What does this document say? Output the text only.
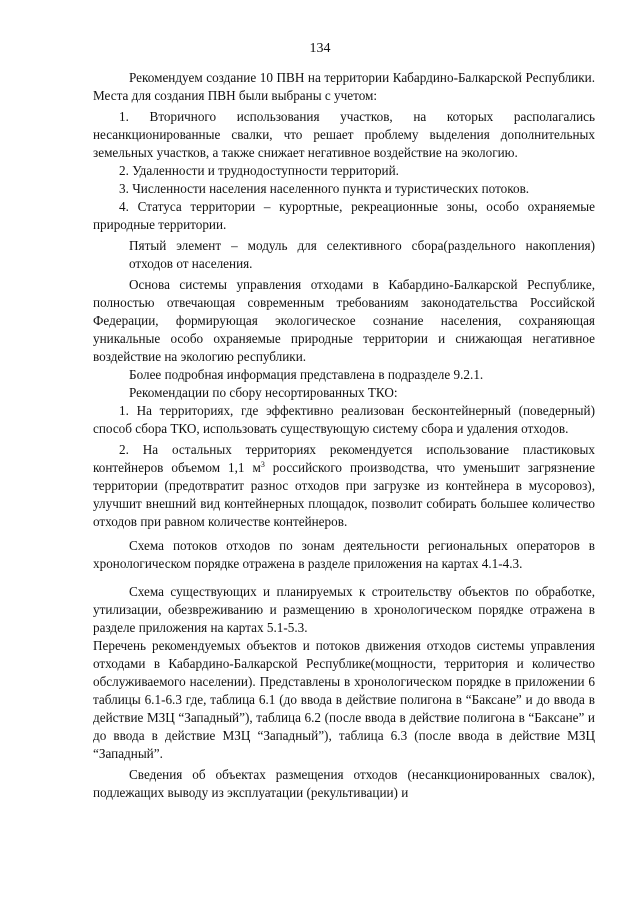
134

Рекомендуем создание 10 ПВН на территории Кабардино-Балкарской Республики. Места для создания ПВН были выбраны с учетом:

1. Вторичного использования участков, на которых располагались несанкционированные свалки, что решает проблему выделения дополнительных земельных участков, а также снижает негативное воздействие на экологию.

2. Удаленности и труднодоступности территорий.

3. Численности населения населенного пункта и туристических потоков.

4. Статуса территории – курортные, рекреационные зоны, особо охраняемые природные территории.

Пятый элемент – модуль для селективного сбора(раздельного накопления) отходов от населения.

Основа системы управления отходами в Кабардино-Балкарской Республике, полностью отвечающая современным требованиям законодательства Российской Федерации, формирующая экологическое сознание населения, сохраняющая уникальные особо охраняемые природные территории и снижающая негативное воздействие на экологию республики.

Более подробная информация представлена в подразделе 9.2.1.

Рекомендации по сбору несортированных ТКО:

1. На территориях, где эффективно реализован бесконтейнерный (поведерный) способ сбора ТКО, использовать существующую систему сбора и удаления отходов.

2. На остальных территориях рекомендуется использование пластиковых контейнеров объемом 1,1 $м^3$ российского производства, что уменьшит загрязнение территории (предотвратит разнос отходов при загрузке из контейнера в мусоровоз), улучшит внешний вид контейнерных площадок, позволит собирать большее количество отходов при равном количестве контейнеров.

Схема потоков отходов по зонам деятельности региональных операторов в хронологическом порядке отражена в разделе приложения на картах 4.1-4.3.

Схема существующих и планируемых к строительству объектов по обработке, утилизации, обезвреживанию и размещению в хронологическом порядке отражена в разделе приложения на картах 5.1-5.3.

Перечень рекомендуемых объектов и потоков движения отходов системы управления отходами в Кабардино-Балкарской Республике(мощности, территория и количество обслуживаемого населении). Представлены в хронологическом порядке в приложении 6 таблицы 6.1-6.3 где, таблица 6.1 (до ввода в действие полигона в “Баксане” и до ввода в действие МЗЦ “Западный”), таблица 6.2 (после ввода в действие полигона в “Баксане” и до ввода в действие МЗЦ “Западный”), таблица 6.3 (после ввода в действие МЗЦ “Западный”.

Сведения об объектах размещения отходов (несанкционированных свалок), подлежащих выводу из эксплуатации (рекультивации) и
